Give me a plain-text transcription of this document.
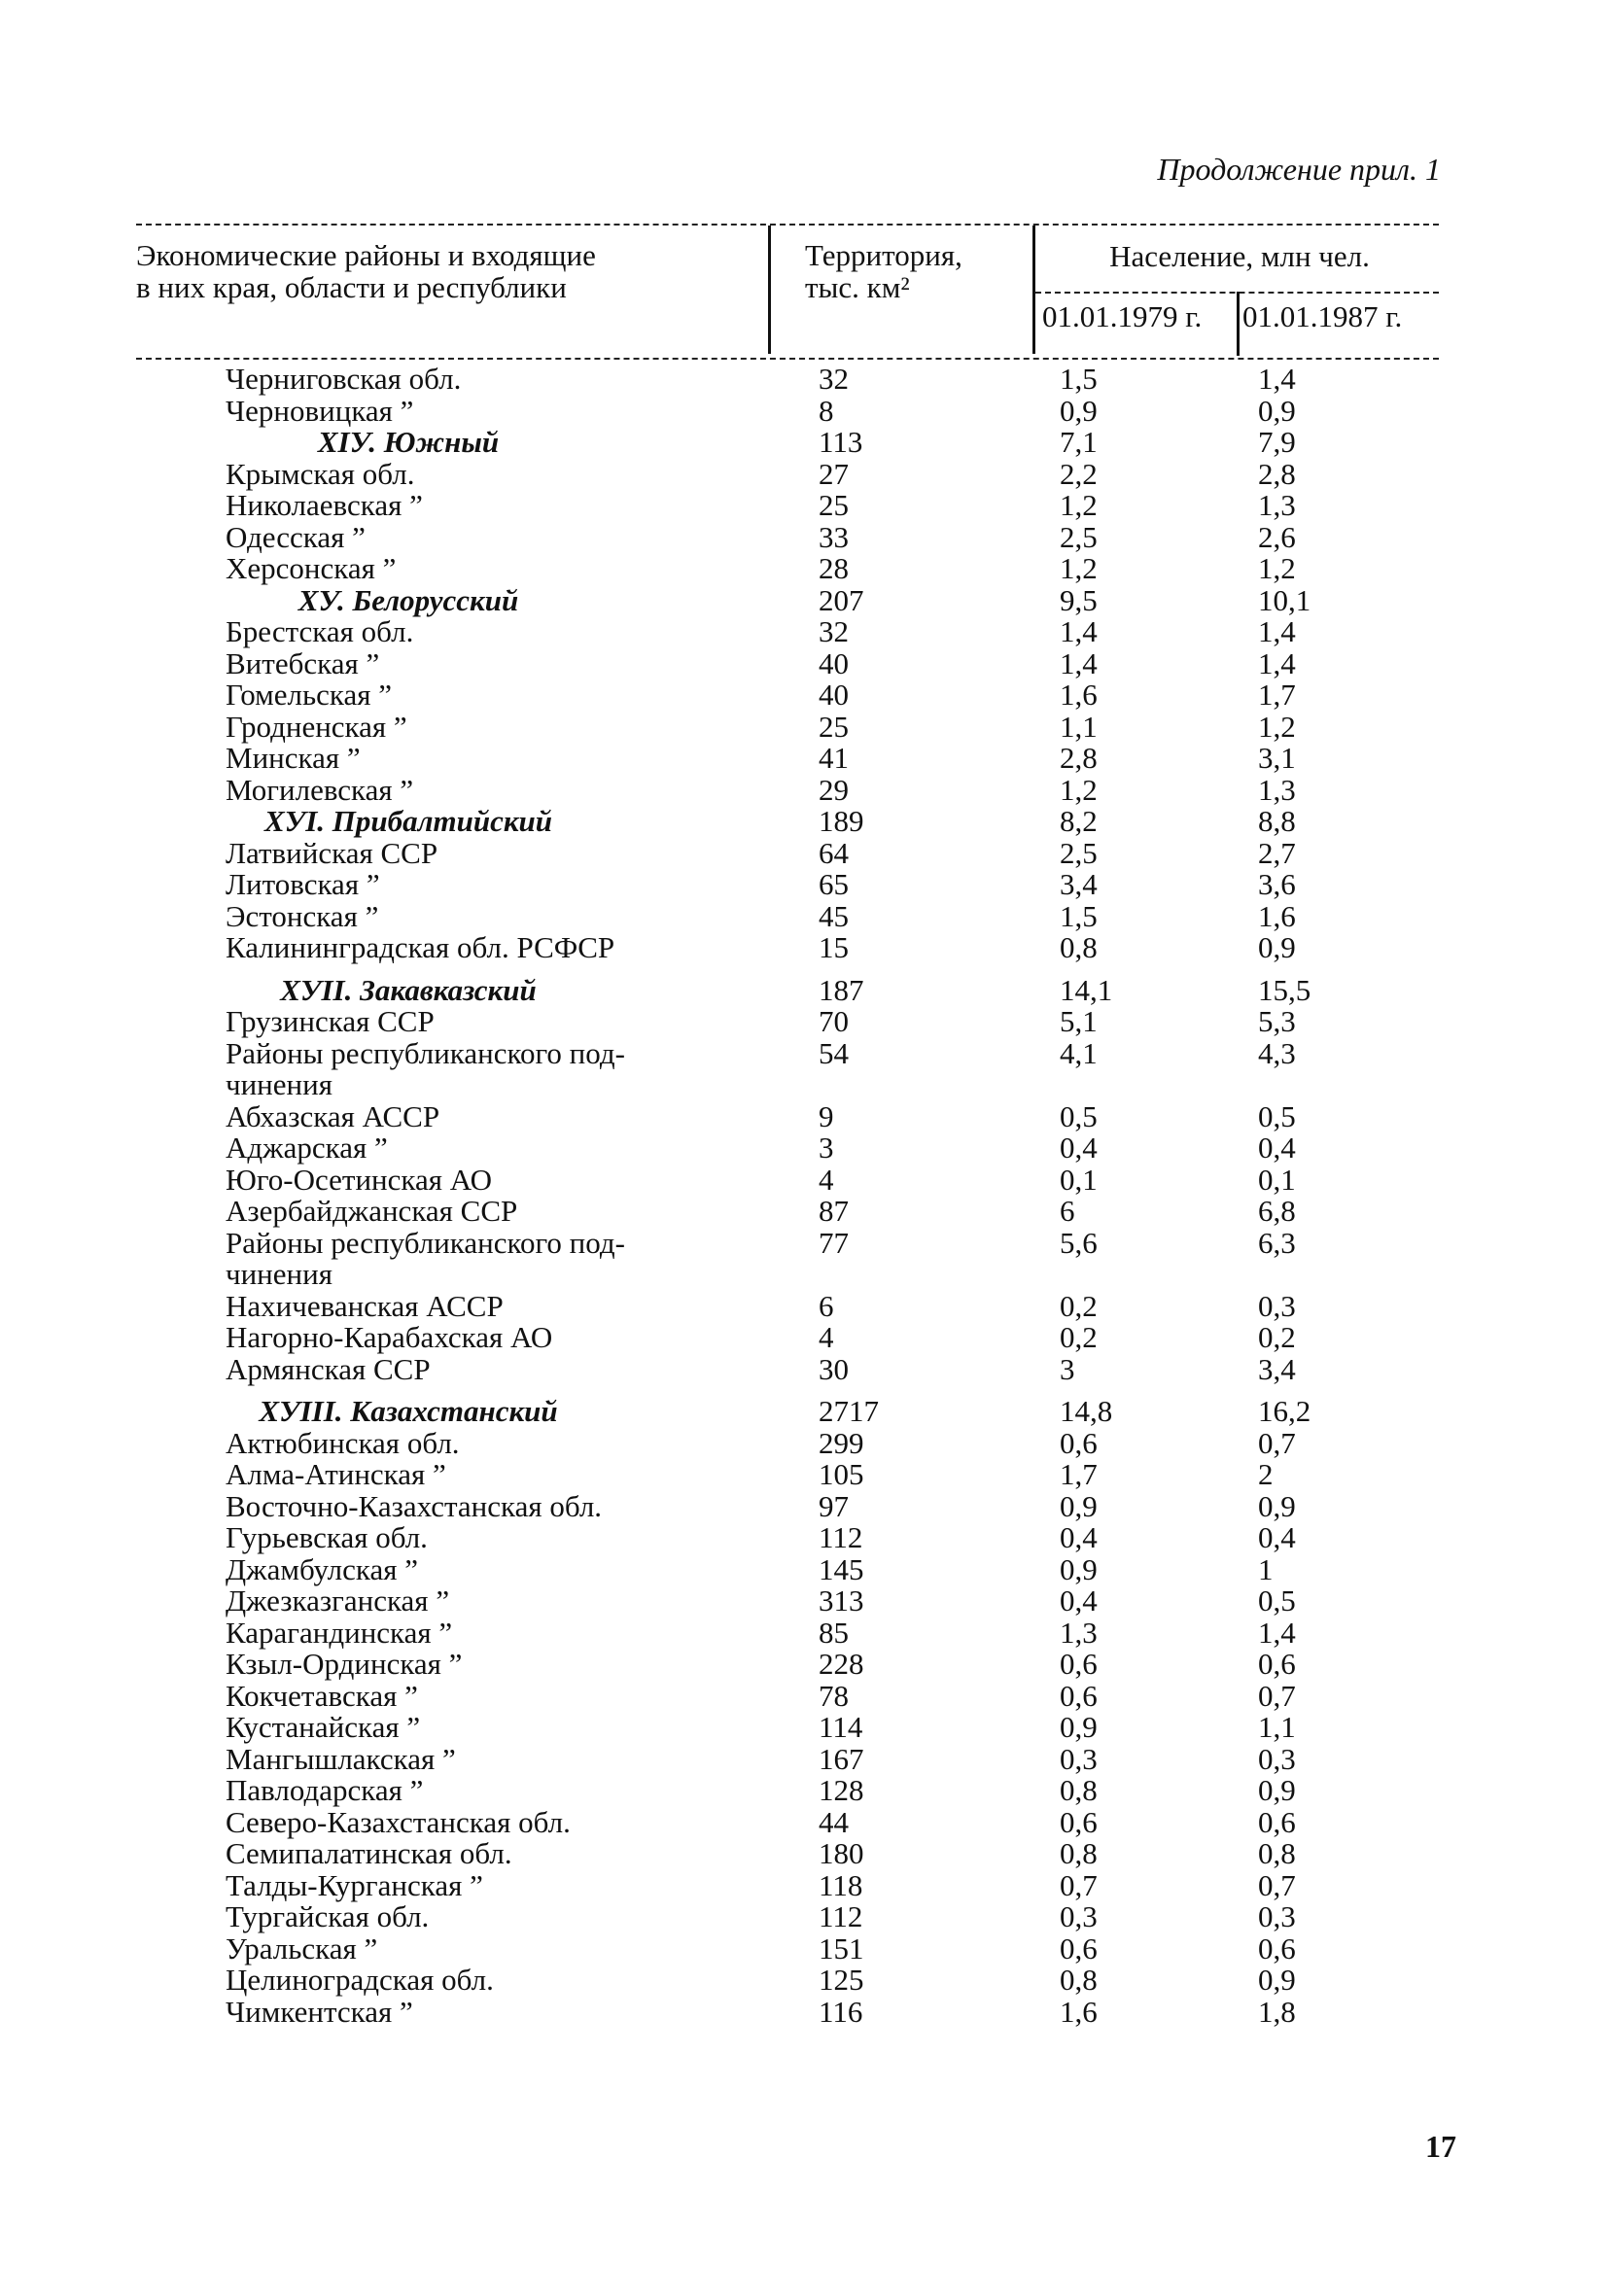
Продолжение прил. 1
Экономические районы и входящие
в них края, области и республики
Территория,
тыс. км²
Население, млн чел.
01.01.1979 г. 01.01.1987 г.
Черниговская обл.	32	1,5	1,4
Черновицкая ”	8	0,9	0,9
XIУ. Южный	113	7,1	7,9
Крымская обл.	27	2,2	2,8
Николаевская ”	25	1,2	1,3
Одесская ”	33	2,5	2,6
Херсонская ”	28	1,2	1,2
ХУ. Белорусский	207	9,5	10,1
Брестская обл.	32	1,4	1,4
Витебская ”	40	1,4	1,4
Гомельская ”	40	1,6	1,7
Гродненская ”	25	1,1	1,2
Минская ”	41	2,8	3,1
Могилевская ”	29	1,2	1,3
ХУI. Прибалтийский	189	8,2	8,8
Латвийская ССР	64	2,5	2,7
Литовская ”	65	3,4	3,6
Эстонская ”	45	1,5	1,6
Калининградская обл. РСФСР	15	0,8	0,9
ХУII. Закавказский	187	14,1	15,5
Грузинская ССР	70	5,1	5,3
Районы республиканского под-	54	4,1	4,3
чинения
Абхазская АССР	9	0,5	0,5
Аджарская ”	3	0,4	0,4
Юго-Осетинская АО	4	0,1	0,1
Азербайджанская ССР	87	6	6,8
Районы республиканского под-	77	5,6	6,3
чинения
Нахичеванская АССР	6	0,2	0,3
Нагорно-Карабахская АО	4	0,2	0,2
Армянская ССР	30	3	3,4
ХУIII. Казахстанский	2717	14,8	16,2
Актюбинская обл.	299	0,6	0,7
Алма-Атинская ”	105	1,7	2
Восточно-Казахстанская обл.	97	0,9	0,9
Гурьевская обл.	112	0,4	0,4
Джамбулская ”	145	0,9	1
Джезказганская ”	313	0,4	0,5
Карагандинская ”	85	1,3	1,4
Кзыл-Ординская ”	228	0,6	0,6
Кокчетавская ”	78	0,6	0,7
Кустанайская ”	114	0,9	1,1
Мангышлакская ”	167	0,3	0,3
Павлодарская ”	128	0,8	0,9
Северо-Казахстанская обл.	44	0,6	0,6
Семипалатинская обл.	180	0,8	0,8
Талды-Курганская ”	118	0,7	0,7
Тургайская обл.	112	0,3	0,3
Уральская ”	151	0,6	0,6
Целиноградская обл.	125	0,8	0,9
Чимкентская ”	116	1,6	1,8
17
